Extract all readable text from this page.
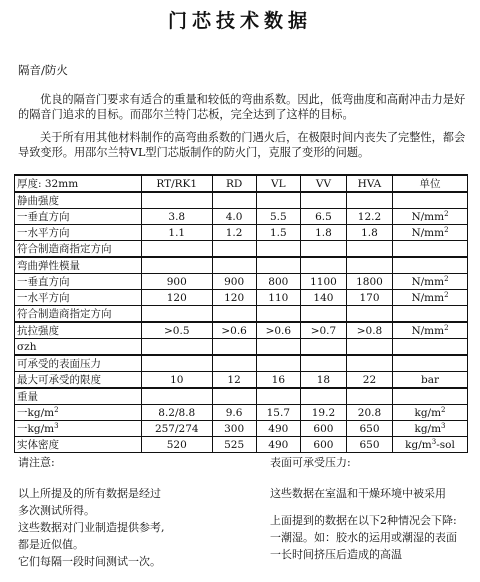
门芯技术数据
隔音/防火
优良的隔音门要求有适合的重量和较低的弯曲系数。因此，低弯曲度和高耐冲击力是好的隔音门追求的目标。而邵尔兰特门芯板，完全达到了这样的目标。
关于所有用其他材料制作的高弯曲系数的门遇火后，在极限时间内丧失了完整性，都会导致变形。用邵尔兰特VL型门芯版制作的防火门，克服了变形的问题。
厚度: 32mm	RT/RK1	RD	VL	VV	HVA	单位
静曲强度						
一垂直方向	3.8	4.0	5.5	6.5	12.2	$N/mm^2$
一水平方向	1.1	1.2	1.5	1.8	1.8	$N/mm^2$
符合制造商指定方向						
弯曲弹性模量						
一垂直方向	900	900	800	1100	1800	$N/mm^2$
一水平方向	120	120	110	140	170	$N/mm^2$
符合制造商指定方向						
抗拉强度	>0.5	>0.6	>0.6	>0.7	>0.8	$N/mm^2$
σzh						
可承受的表面压力						
最大可承受的限度	10	12	16	18	22	bar
重量						
一$kg/m^2$	8.2/8.8	9.6	15.7	19.2	20.8	$kg/m^2$
一$kg/m^3$	257/274	300	490	600	650	$kg/m^3$
实体密度	520	525	490	600	650	$kg/m^3$-sol
请注意:
以上所提及的所有数据是经过
多次测试所得。
这些数据对门业制造提供参考,
都是近似值。
它们每隔一段时间测试一次。
表面可承受压力:
这些数据在室温和干燥环境中被采用
上面提到的数据在以下2种情况会下降:
一潮湿。如：胶水的运用或潮湿的表面
一长时间挤压后造成的高温
